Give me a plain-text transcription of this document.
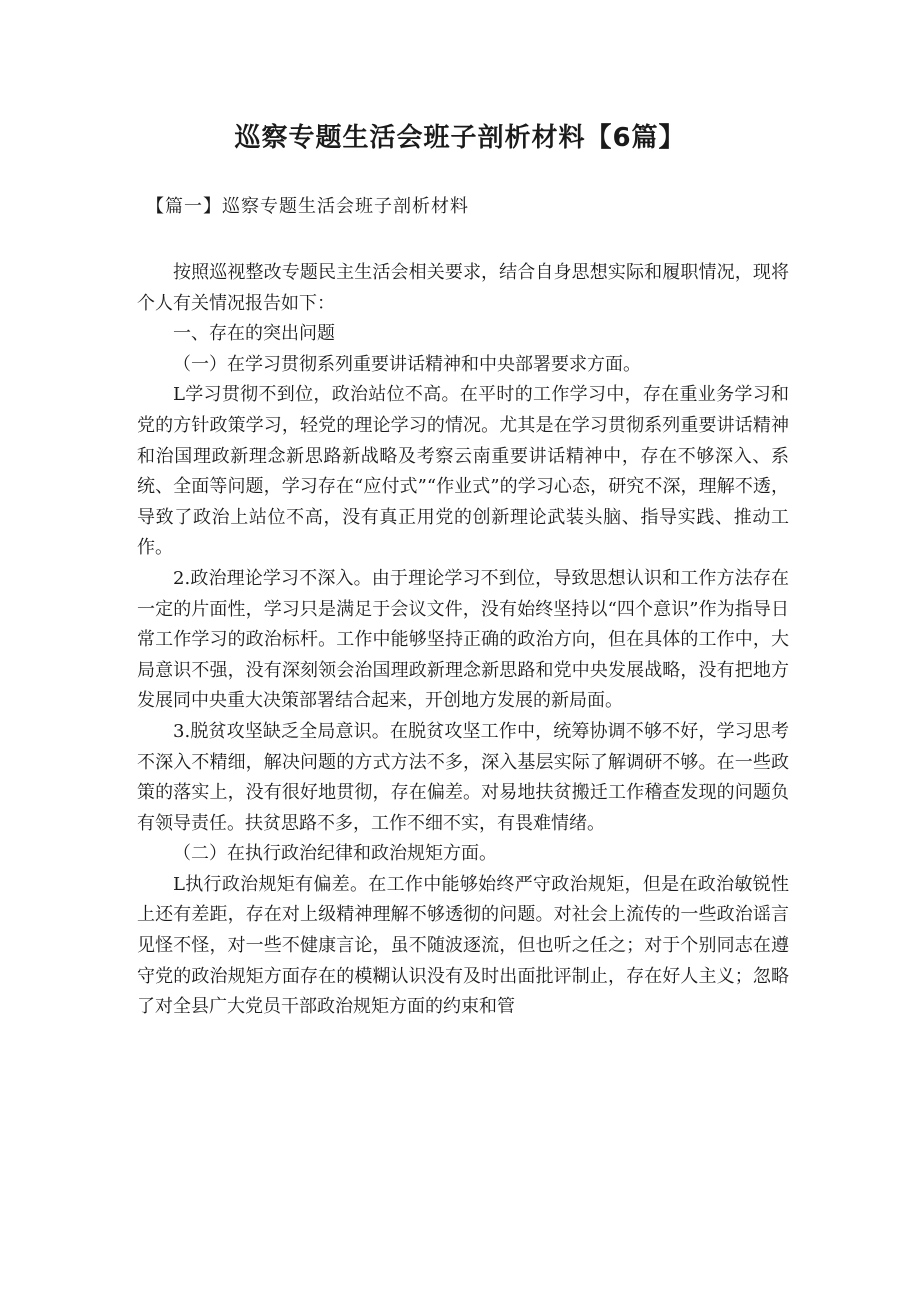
巡察专题生活会班子剖析材料【6篇】
【篇一】巡察专题生活会班子剖析材料

按照巡视整改专题民主生活会相关要求，结合自身思想实际和履职情况，现将个人有关情况报告如下：

一、存在的突出问题

（一）在学习贯彻系列重要讲话精神和中央部署要求方面。

L学习贯彻不到位，政治站位不高。在平时的工作学习中，存在重业务学习和党的方针政策学习，轻党的理论学习的情况。尤其是在学习贯彻系列重要讲话精神和治国理政新理念新思路新战略及考察云南重要讲话精神中，存在不够深入、系统、全面等问题，学习存在“应付式”“作业式”的学习心态，研究不深，理解不透，导致了政治上站位不高，没有真正用党的创新理论武装头脑、指导实践、推动工作。

2.政治理论学习不深入。由于理论学习不到位，导致思想认识和工作方法存在一定的片面性，学习只是满足于会议文件，没有始终坚持以“四个意识”作为指导日常工作学习的政治标杆。工作中能够坚持正确的政治方向，但在具体的工作中，大局意识不强，没有深刻领会治国理政新理念新思路和党中央发展战略，没有把地方发展同中央重大决策部署结合起来，开创地方发展的新局面。

3.脱贫攻坚缺乏全局意识。在脱贫攻坚工作中，统筹协调不够不好，学习思考不深入不精细，解决问题的方式方法不多，深入基层实际了解调研不够。在一些政策的落实上，没有很好地贯彻，存在偏差。对易地扶贫搬迁工作稽查发现的问题负有领导责任。扶贫思路不多，工作不细不实，有畏难情绪。

（二）在执行政治纪律和政治规矩方面。

L执行政治规矩有偏差。在工作中能够始终严守政治规矩，但是在政治敏锐性上还有差距，存在对上级精神理解不够透彻的问题。对社会上流传的一些政治谣言见怪不怪，对一些不健康言论，虽不随波逐流，但也听之任之；对于个别同志在遵守党的政治规矩方面存在的模糊认识没有及时出面批评制止，存在好人主义；忽略了对全县广大党员干部政治规矩方面的约束和管
